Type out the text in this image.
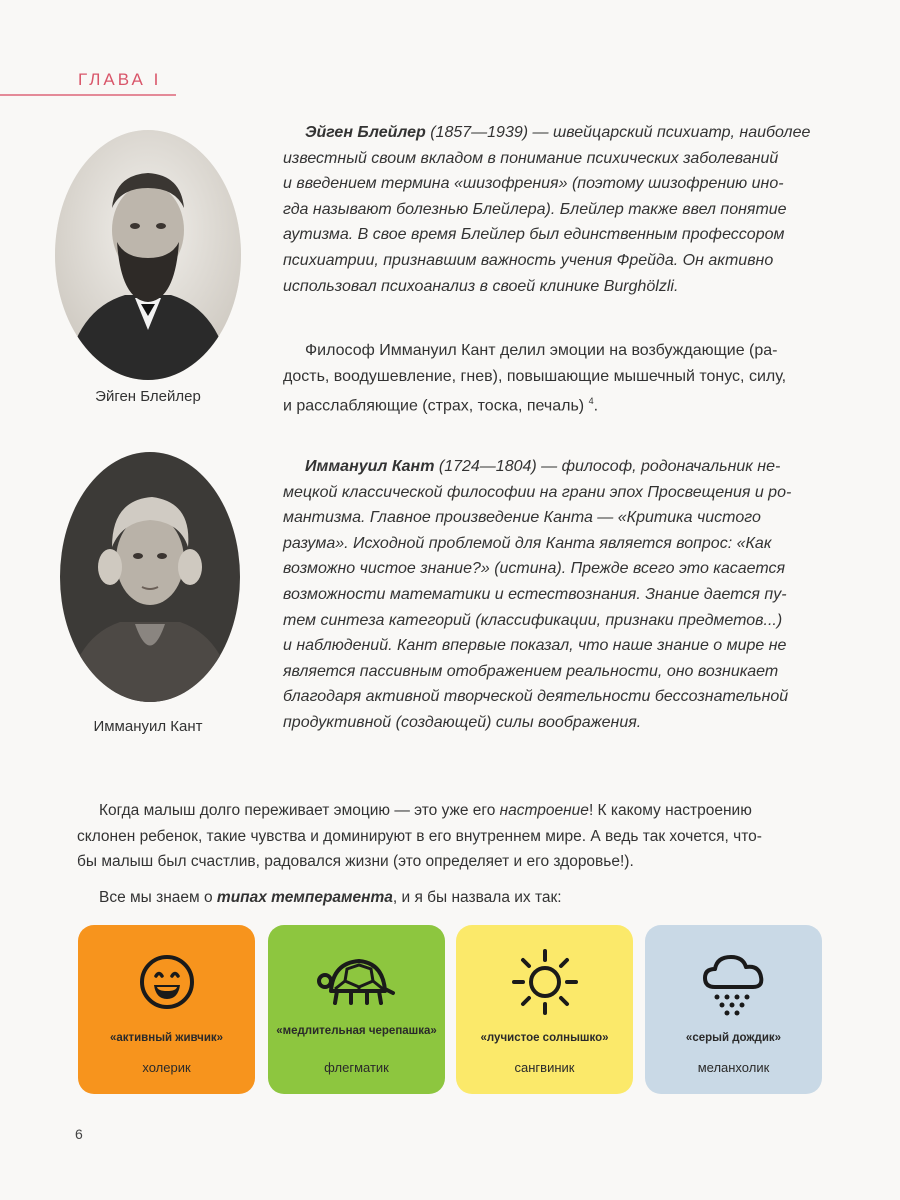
ГЛАВА I
Эйген Блейлер
Эйген Блейлер (1857—1939) — швейцарский психиатр, наиболее
известный своим вкладом в понимание психических заболеваний
и введением термина «шизофрения» (поэтому шизофрению ино-
гда называют болезнью Блейлера). Блейлер также ввел понятие
аутизма. В свое время Блейлер был единственным профессором
психиатрии, признавшим важность учения Фрейда. Он активно
использовал психоанализ в своей клинике Burghölzli.
Философ Иммануил Кант делил эмоции на возбуждающие (ра-
дость, воодушевление, гнев), повышающие мышечный тонус, силу,
и расслабляющие (страх, тоска, печаль) $^4$.
Иммануил Кант
Иммануил Кант (1724—1804) — философ, родоначальник не-
мецкой классической философии на грани эпох Просвещения и ро-
мантизма. Главное произведение Канта — «Критика чистого
разума». Исходной проблемой для Канта является вопрос: «Как
возможно чистое знание?» (истина). Прежде всего это касается
возможности математики и естествознания. Знание дается пу-
тем синтеза категорий (классификации, признаки предметов...)
и наблюдений. Кант впервые показал, что наше знание о мире не
является пассивным отображением реальности, оно возникает
благодаря активной творческой деятельности бессознательной
продуктивной (создающей) силы воображения.
Когда малыш долго переживает эмоцию — это уже его настроение! К какому настроению
склонен ребенок, такие чувства и доминируют в его внутреннем мире. А ведь так хочется, что-
бы малыш был счастлив, радовался жизни (это определяет и его здоровье!).
Все мы знаем о типах темперамента, и я бы назвала их так:
«активный живчик»
холерик
«медлительная черепашка»
флегматик
«лучистое солнышко»
сангвиник
«серый дождик»
меланхолик
6
